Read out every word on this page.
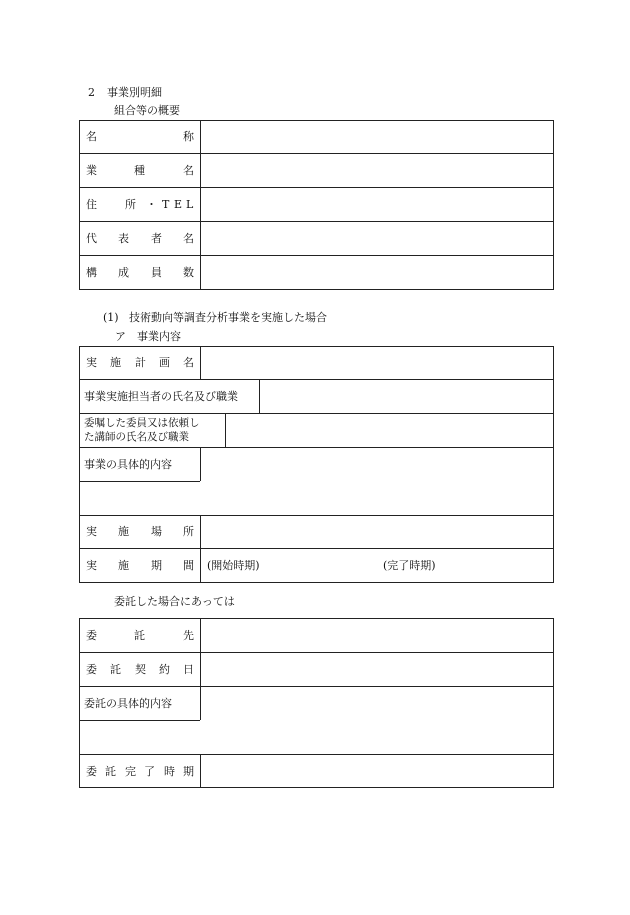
2 事業別明細
組合等の概要
名	称
業	種	名
住	所 ・ T E L
代 表 者 名
構 成 員 数
(1) 技術動向等調査分析事業を実施した場合
ア　事業内容
実 施 計 画 名
事業実施担当者の氏名及び職業
委嘱した委員又は依頼し
た講師の氏名及び職業
事業の具体的内容
実 施 場 所
実 施 期 間 (開始時期)	(完了時期)
委託した場合にあっては
委	託	先
委 託 契 約 日
委託の具体的内容
委 託 完 了 時 期
